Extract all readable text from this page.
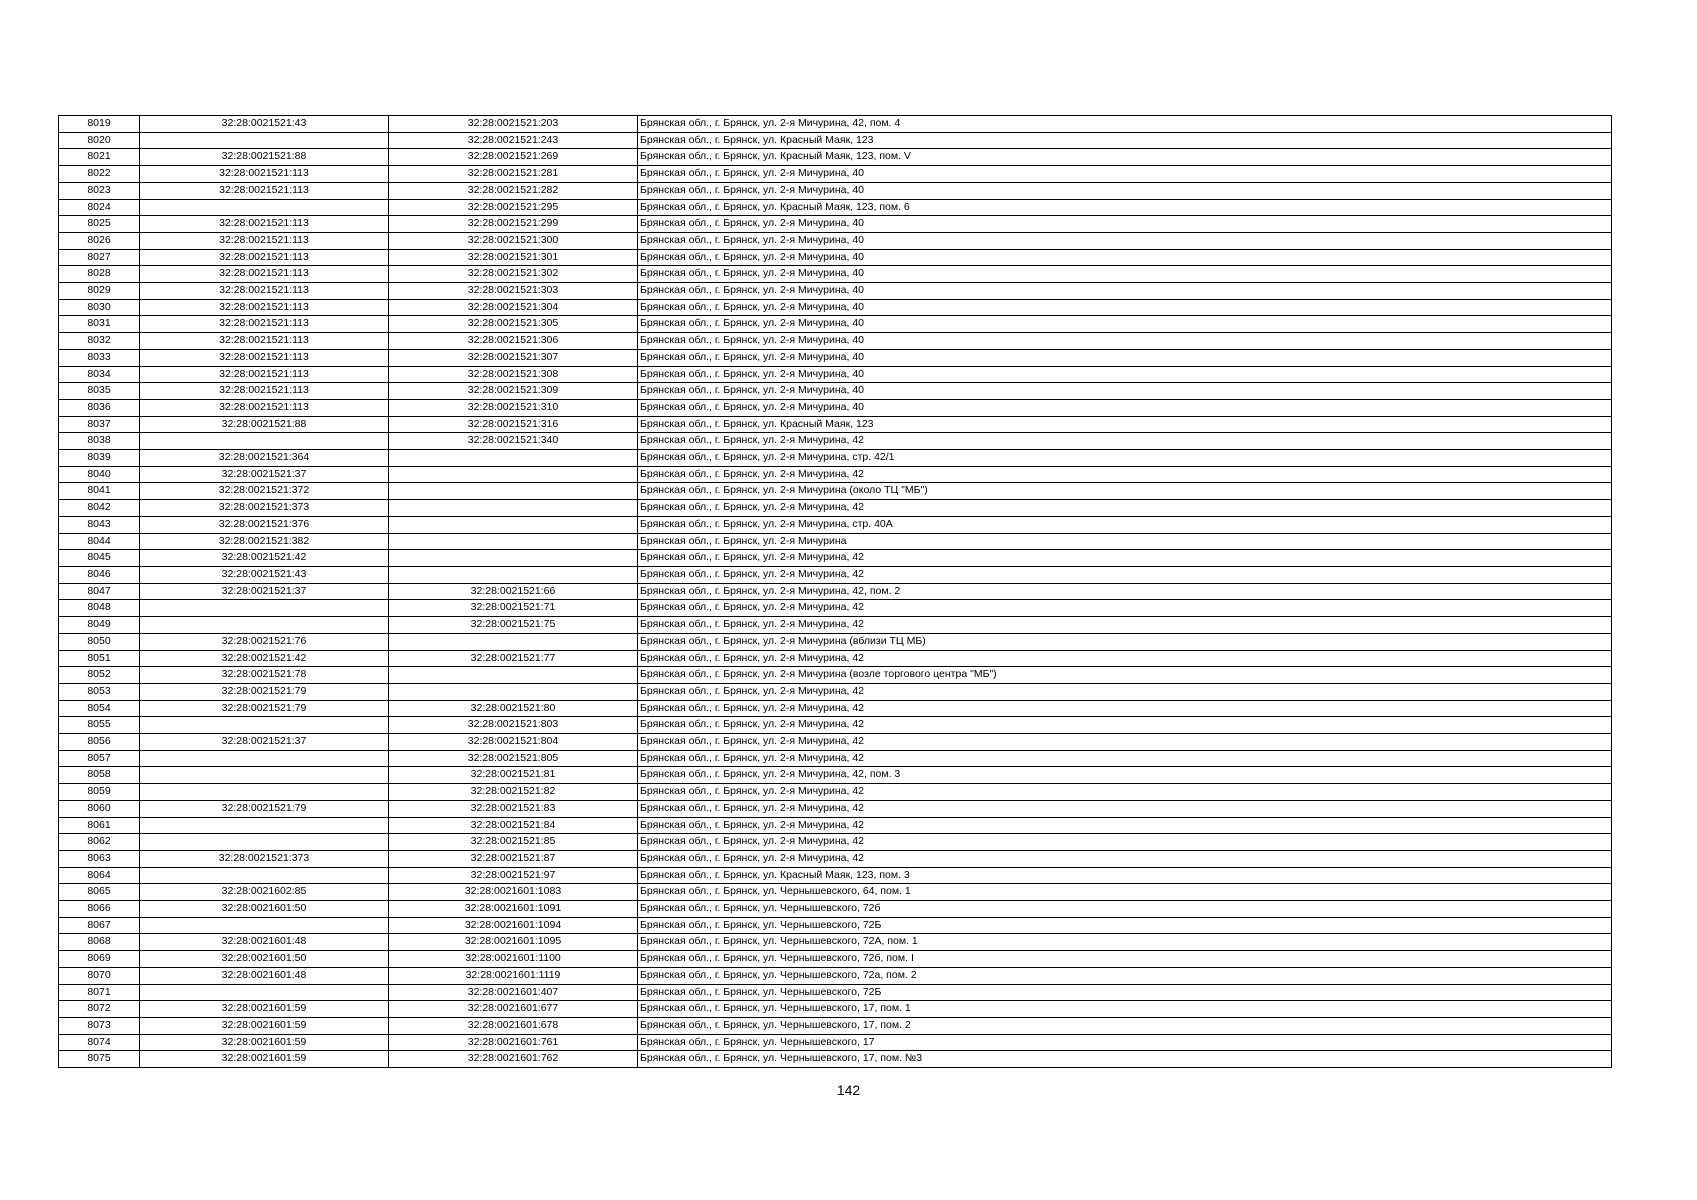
8019	32:28:0021521:43	32:28:0021521:203	Брянская обл., г. Брянск, ул. 2-я Мичурина, 42, пом. 4
8020		32:28:0021521:243	Брянская обл., г. Брянск, ул. Красный Маяк, 123
8021	32:28:0021521:88	32:28:0021521:269	Брянская обл., г. Брянск, ул. Красный Маяк, 123, пом. V
8022	32:28:0021521:113	32:28:0021521:281	Брянская обл., г. Брянск, ул. 2-я Мичурина, 40
8023	32:28:0021521:113	32:28:0021521:282	Брянская обл., г. Брянск, ул. 2-я Мичурина, 40
8024		32:28:0021521:295	Брянская обл., г. Брянск, ул. Красный Маяк, 123, пом. 6
8025	32:28:0021521:113	32:28:0021521:299	Брянская обл., г. Брянск, ул. 2-я Мичурина, 40
8026	32:28:0021521:113	32:28:0021521:300	Брянская обл., г. Брянск, ул. 2-я Мичурина, 40
8027	32:28:0021521:113	32:28:0021521:301	Брянская обл., г. Брянск, ул. 2-я Мичурина, 40
8028	32:28:0021521:113	32:28:0021521:302	Брянская обл., г. Брянск, ул. 2-я Мичурина, 40
8029	32:28:0021521:113	32:28:0021521:303	Брянская обл., г. Брянск, ул. 2-я Мичурина, 40
8030	32:28:0021521:113	32:28:0021521:304	Брянская обл., г. Брянск, ул. 2-я Мичурина, 40
8031	32:28:0021521:113	32:28:0021521:305	Брянская обл., г. Брянск, ул. 2-я Мичурина, 40
8032	32:28:0021521:113	32:28:0021521:306	Брянская обл., г. Брянск, ул. 2-я Мичурина, 40
8033	32:28:0021521:113	32:28:0021521:307	Брянская обл., г. Брянск, ул. 2-я Мичурина, 40
8034	32:28:0021521:113	32:28:0021521:308	Брянская обл., г. Брянск, ул. 2-я Мичурина, 40
8035	32:28:0021521:113	32:28:0021521:309	Брянская обл., г. Брянск, ул. 2-я Мичурина, 40
8036	32:28:0021521:113	32:28:0021521:310	Брянская обл., г. Брянск, ул. 2-я Мичурина, 40
8037	32:28:0021521:88	32:28:0021521:316	Брянская обл., г. Брянск, ул. Красный Маяк, 123
8038		32:28:0021521:340	Брянская обл., г. Брянск, ул. 2-я Мичурина, 42
8039	32:28:0021521:364		Брянская обл., г. Брянск, ул. 2-я Мичурина, стр. 42/1
8040	32:28:0021521:37		Брянская обл., г. Брянск, ул. 2-я Мичурина, 42
8041	32:28:0021521:372		Брянская обл., г. Брянск, ул. 2-я Мичурина (около ТЦ "МБ")
8042	32:28:0021521:373		Брянская обл., г. Брянск, ул. 2-я Мичурина, 42
8043	32:28:0021521:376		Брянская обл., г. Брянск, ул. 2-я Мичурина, стр. 40А
8044	32:28:0021521:382		Брянская обл., г. Брянск, ул. 2-я Мичурина
8045	32:28:0021521:42		Брянская обл., г. Брянск, ул. 2-я Мичурина, 42
8046	32:28:0021521:43		Брянская обл., г. Брянск, ул. 2-я Мичурина, 42
8047	32:28:0021521:37	32:28:0021521:66	Брянская обл., г. Брянск, ул. 2-я Мичурина, 42, пом. 2
8048		32:28:0021521:71	Брянская обл., г. Брянск, ул. 2-я Мичурина, 42
8049		32:28:0021521:75	Брянская обл., г. Брянск, ул. 2-я Мичурина, 42
8050	32:28:0021521:76		Брянская обл., г. Брянск, ул. 2-я Мичурина (вблизи ТЦ МБ)
8051	32:28:0021521:42	32:28:0021521:77	Брянская обл., г. Брянск, ул. 2-я Мичурина, 42
8052	32:28:0021521:78		Брянская обл., г. Брянск, ул. 2-я Мичурина (возле торгового центра "МБ")
8053	32:28:0021521:79		Брянская обл., г. Брянск, ул. 2-я Мичурина, 42
8054	32:28:0021521:79	32:28:0021521:80	Брянская обл., г. Брянск, ул. 2-я Мичурина, 42
8055		32:28:0021521:803	Брянская обл., г. Брянск, ул. 2-я Мичурина, 42
8056	32:28:0021521:37	32:28:0021521:804	Брянская обл., г. Брянск, ул. 2-я Мичурина, 42
8057		32:28:0021521:805	Брянская обл., г. Брянск, ул. 2-я Мичурина, 42
8058		32:28:0021521:81	Брянская обл., г. Брянск, ул. 2-я Мичурина, 42, пом. 3
8059		32:28:0021521:82	Брянская обл., г. Брянск, ул. 2-я Мичурина, 42
8060	32:28:0021521:79	32:28:0021521:83	Брянская обл., г. Брянск, ул. 2-я Мичурина, 42
8061		32:28:0021521:84	Брянская обл., г. Брянск, ул. 2-я Мичурина, 42
8062		32:28:0021521:85	Брянская обл., г. Брянск, ул. 2-я Мичурина, 42
8063	32:28:0021521:373	32:28:0021521:87	Брянская обл., г. Брянск, ул. 2-я Мичурина, 42
8064		32:28:0021521:97	Брянская обл., г. Брянск, ул. Красный Маяк, 123, пом. 3
8065	32:28:0021602:85	32:28:0021601:1083	Брянская обл., г. Брянск, ул. Чернышевского, 64, пом. 1
8066	32:28:0021601:50	32:28:0021601:1091	Брянская обл., г. Брянск, ул. Чернышевского, 72б
8067		32:28:0021601:1094	Брянская обл., г. Брянск, ул. Чернышевского, 72Б
8068	32:28:0021601:48	32:28:0021601:1095	Брянская обл., г. Брянск, ул. Чернышевского, 72А, пом. 1
8069	32:28:0021601:50	32:28:0021601:1100	Брянская обл., г. Брянск, ул. Чернышевского, 72б, пом. I
8070	32:28:0021601:48	32:28:0021601:1119	Брянская обл., г. Брянск, ул. Чернышевского, 72а, пом. 2
8071		32:28:0021601:407	Брянская обл., г. Брянск, ул. Чернышевского, 72Б
8072	32:28:0021601:59	32:28:0021601:677	Брянская обл., г. Брянск, ул. Чернышевского, 17, пом. 1
8073	32:28:0021601:59	32:28:0021601:678	Брянская обл., г. Брянск, ул. Чернышевского, 17, пом. 2
8074	32:28:0021601:59	32:28:0021601:761	Брянская обл., г. Брянск, ул. Чернышевского, 17
8075	32:28:0021601:59	32:28:0021601:762	Брянская обл., г. Брянск, ул. Чернышевского, 17, пом. №3
142
